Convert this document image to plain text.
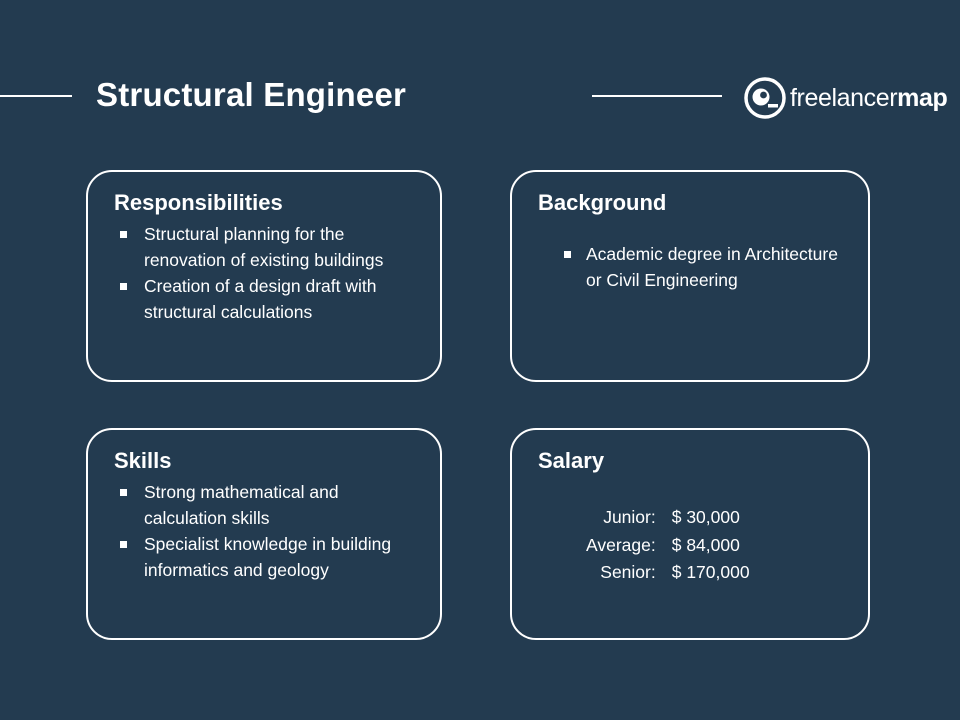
Structural Engineer	freelancermap
Responsibilities
Structural planning for the renovation of existing buildings
Creation of a design draft with structural calculations
Background
Academic degree in Architecture or Civil Engineering
Skills
Strong mathematical and calculation skills
Specialist knowledge in building informatics and geology
Salary
Junior:	$ 30,000
Average:	$ 84,000
Senior:	$ 170,000
